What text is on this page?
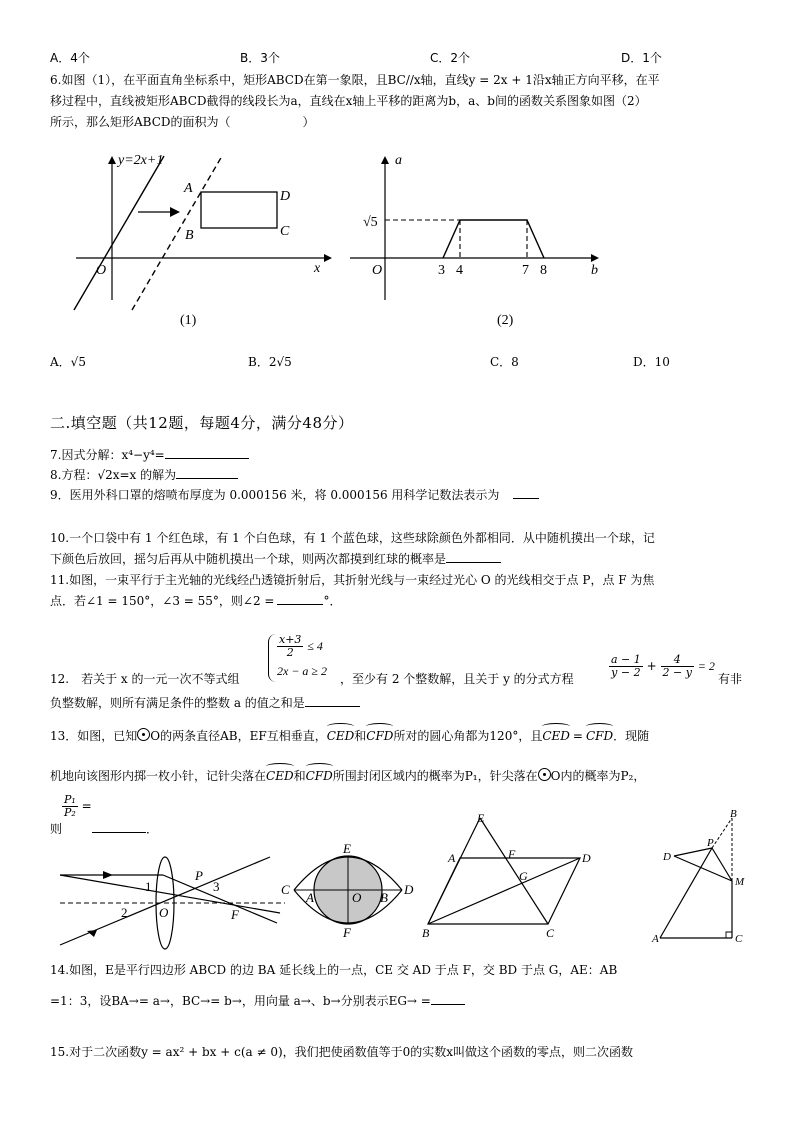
A．4个	B．3个	C．2个	D．1个
6.如图（1），在平面直角坐标系中，矩形ABCD在第一象限，且BC//x轴，直线y = 2x + 1沿x轴正方向平移，在平
移过程中，直线被矩形ABCD截得的线段长为a，直线在x轴上平移的距离为b，a、b间的函数关系图象如图（2）
所示，那么矩形ABCD的面积为（　　　　　　）
y=2x+1
A
B	C
D
O	x
(1)
a
b
O
√5
3 4	7 8
(2)
A．√5	B．2√5	C．8	D．10
二.填空题（共12题，每题4分，满分48分）
7.因式分解：x⁴−y⁴=
8.方程：√2x=x 的解为
9．医用外科口罩的熔喷布厚度为 0.000156 米，将 0.000156 用科学记数法表示为
10.一个口袋中有 1 个红色球，有 1 个白色球，有 1 个蓝色球，这些球除颜色外都相同．从中随机摸出一个球，记
下颜色后放回，摇匀后再从中随机摸出一个球，则两次都摸到红球的概率是
11.如图，一束平行于主光轴的光线经凸透镜折射后，其折射光线与一束经过光心 O 的光线相交于点 P，点 F 为焦
点．若∠1 = 150°，∠3 = 55°，则∠2 =	°．
$\frac{x+3}{2} \le 4$
2x − a ≥ 2
12.　若关于 x 的一元一次不等式组	，至少有 2 个整数解，且关于 y 的分式方程	$\frac{a - 1}{y - 2} + \frac{4}{2 - y} = 2$
有非
负整数解，则所有满足条件的整数 a 的值之和是
13．如图，已知 O的两条直径AB，EF互相垂直，CED和CFD所对的圆心角都为120°，且CED = CFD．现随
机地向该图形内掷一枚小针，记针尖落在CED和CFD所围封闭区域内的概率为P₁，针尖落在 O内的概率为P₂，
$\frac{\text{P₁}}{\text{P₂}}$ =
则	．
1
2
3
P
O	F
E
F
C	D
A	B
O
E
A	F	D
G
B	C
B
D
P
M
A	C
14.如图，E是平行四边形 ABCD 的边 BA 延长线上的一点，CE 交 AD 于点 F，交 BD 于点 G，AE：AB
=1：3，设BA→= a→，BC→= b→，用向量 a→、b→分别表示EG→ =
15.对于二次函数y = ax² + bx + c(a ≠ 0)，我们把使函数值等于0的实数x叫做这个函数的零点，则二次函数
